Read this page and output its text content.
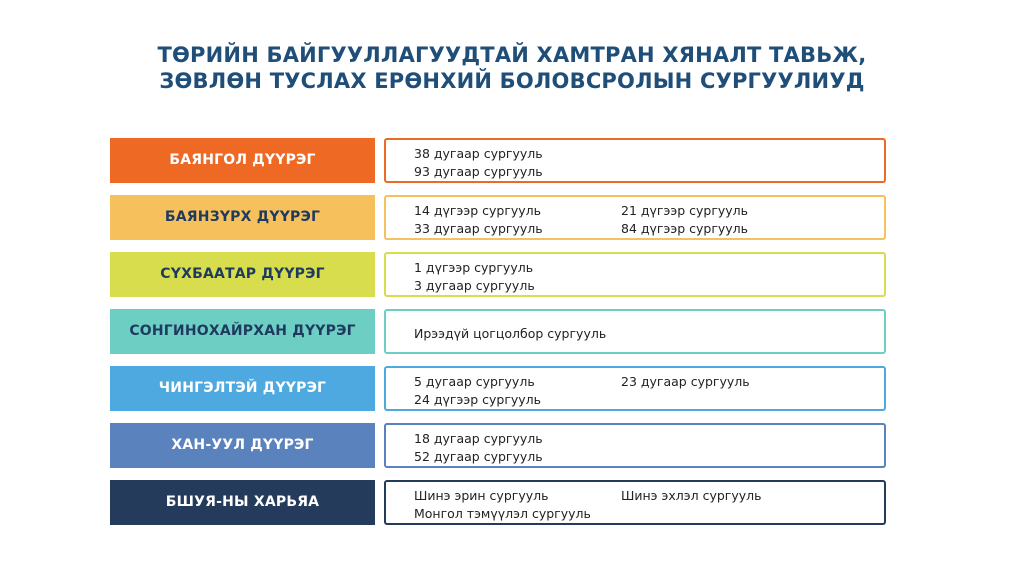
ТӨРИЙН БАЙГУУЛЛАГУУДТАЙ ХАМТРАН ХЯНАЛТ ТАВЬЖ,
ЗӨВЛӨН ТУСЛАХ ЕРӨНХИЙ БОЛОВСРОЛЫН СУРГУУЛИУД
БАЯНГОЛ ДҮҮРЭГ	38 дугаар сургууль
93 дугаар сургууль
БАЯНЗҮРХ ДҮҮРЭГ	14 дүгээр сургууль	21 дүгээр сургууль
33 дугаар сургууль	84 дүгээр сургууль
СҮХБААТАР ДҮҮРЭГ	1 дүгээр сургууль
3 дугаар сургууль
СОНГИНОХАЙРХАН ДҮҮРЭГ	Ирээдүй цогцолбор сургууль
ЧИНГЭЛТЭЙ ДҮҮРЭГ	5 дугаар сургууль	23 дугаар сургууль
24 дүгээр сургууль
ХАН-УУЛ ДҮҮРЭГ	18 дугаар сургууль
52 дугаар сургууль
БШУЯ-НЫ ХАРЬЯА	Шинэ эрин сургууль	Шинэ эхлэл сургууль
Монгол тэмүүлэл сургууль
